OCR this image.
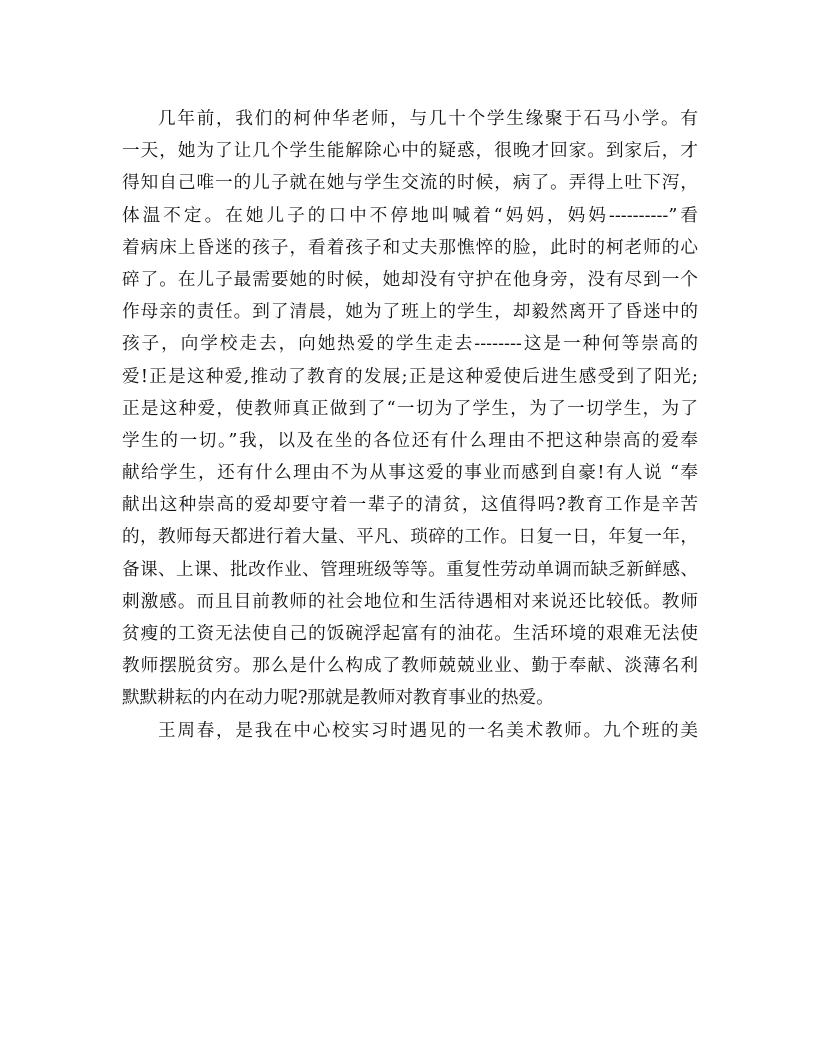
几年前，我们的柯仲华老师，与几十个学生缘聚于石马小学。有
一天，她为了让几个学生能解除心中的疑惑，很晚才回家。到家后，才
得知自己唯一的儿子就在她与学生交流的时候，病了。弄得上吐下泻，
体温不定。在她儿子的口中不停地叫喊着“妈妈，妈妈----------”看
着病床上昏迷的孩子，看着孩子和丈夫那憔悴的脸，此时的柯老师的心
碎了。在儿子最需要她的时候，她却没有守护在他身旁，没有尽到一个
作母亲的责任。到了清晨，她为了班上的学生，却毅然离开了昏迷中的
孩子，向学校走去，向她热爱的学生走去--------这是一种何等崇高的
爱!正是这种爱,推动了教育的发展;正是这种爱使后进生感受到了阳光;
正是这种爱，使教师真正做到了“一切为了学生，为了一切学生，为了
学生的一切。”我，以及在坐的各位还有什么理由不把这种崇高的爱奉
献给学生，还有什么理由不为从事这爱的事业而感到自豪!有人说 “奉
献出这种崇高的爱却要守着一辈子的清贫，这值得吗?教育工作是辛苦
的，教师每天都进行着大量、平凡、琐碎的工作。日复一日，年复一年，
备课、上课、批改作业、管理班级等等。重复性劳动单调而缺乏新鲜感、
刺激感。而且目前教师的社会地位和生活待遇相对来说还比较低。教师
贫瘦的工资无法使自己的饭碗浮起富有的油花。生活环境的艰难无法使
教师摆脱贫穷。那么是什么构成了教师兢兢业业、勤于奉献、淡薄名利
默默耕耘的内在动力呢?那就是教师对教育事业的热爱。
王周春，是我在中心校实习时遇见的一名美术教师。九个班的美
